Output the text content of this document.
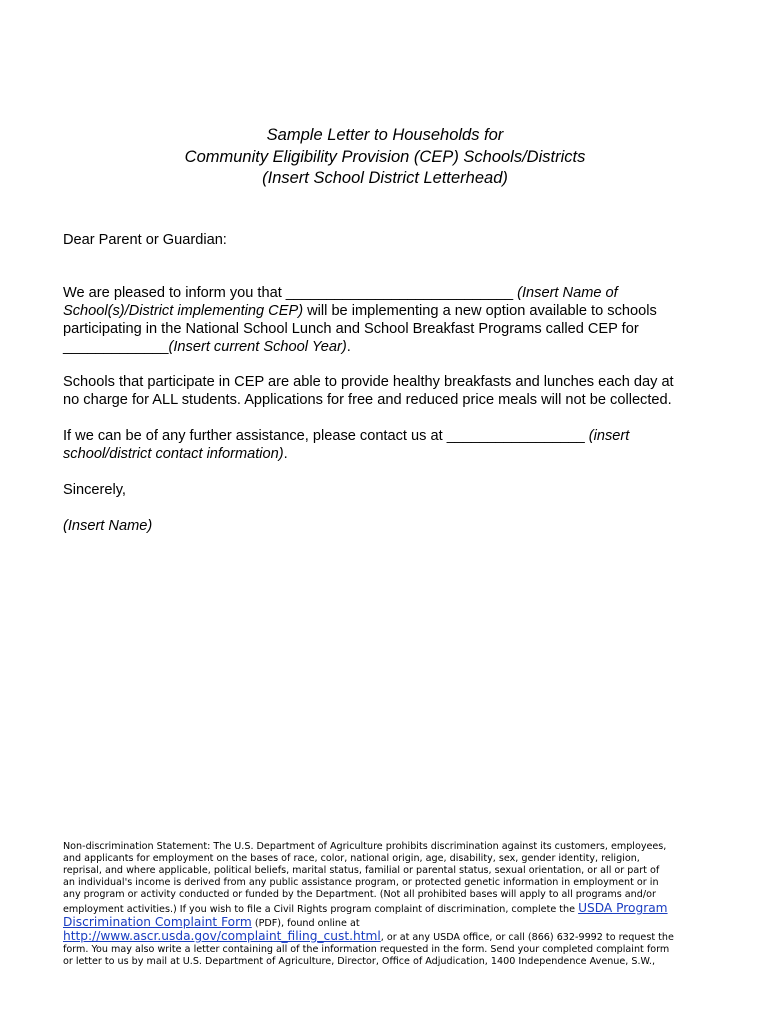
Sample Letter to Households for
Community Eligibility Provision (CEP) Schools/Districts
(Insert School District Letterhead)
Dear Parent or Guardian:
We are pleased to inform you that ____________________________ (Insert Name of
School(s)/District implementing CEP) will be implementing a new option available to schools
participating in the National School Lunch and School Breakfast Programs called CEP for
_____________(Insert current School Year).
Schools that participate in CEP are able to provide healthy breakfasts and lunches each day at
no charge for ALL students. Applications for free and reduced price meals will not be collected.
If we can be of any further assistance, please contact us at _________________ (insert
school/district contact information).
Sincerely,
(Insert Name)
Non-discrimination Statement: The U.S. Department of Agriculture prohibits discrimination against its customers, employees,
and applicants for employment on the bases of race, color, national origin, age, disability, sex, gender identity, religion,
reprisal, and where applicable, political beliefs, marital status, familial or parental status, sexual orientation, or all or part of
an individual's income is derived from any public assistance program, or protected genetic information in employment or in
any program or activity conducted or funded by the Department. (Not all prohibited bases will apply to all programs and/or
employment activities.) If you wish to file a Civil Rights program complaint of discrimination, complete the USDA Program
Discrimination Complaint Form (PDF), found online at
http://www.ascr.usda.gov/complaint_filing_cust.html, or at any USDA office, or call (866) 632-9992 to request the
form. You may also write a letter containing all of the information requested in the form. Send your completed complaint form
or letter to us by mail at U.S. Department of Agriculture, Director, Office of Adjudication, 1400 Independence Avenue, S.W.,
